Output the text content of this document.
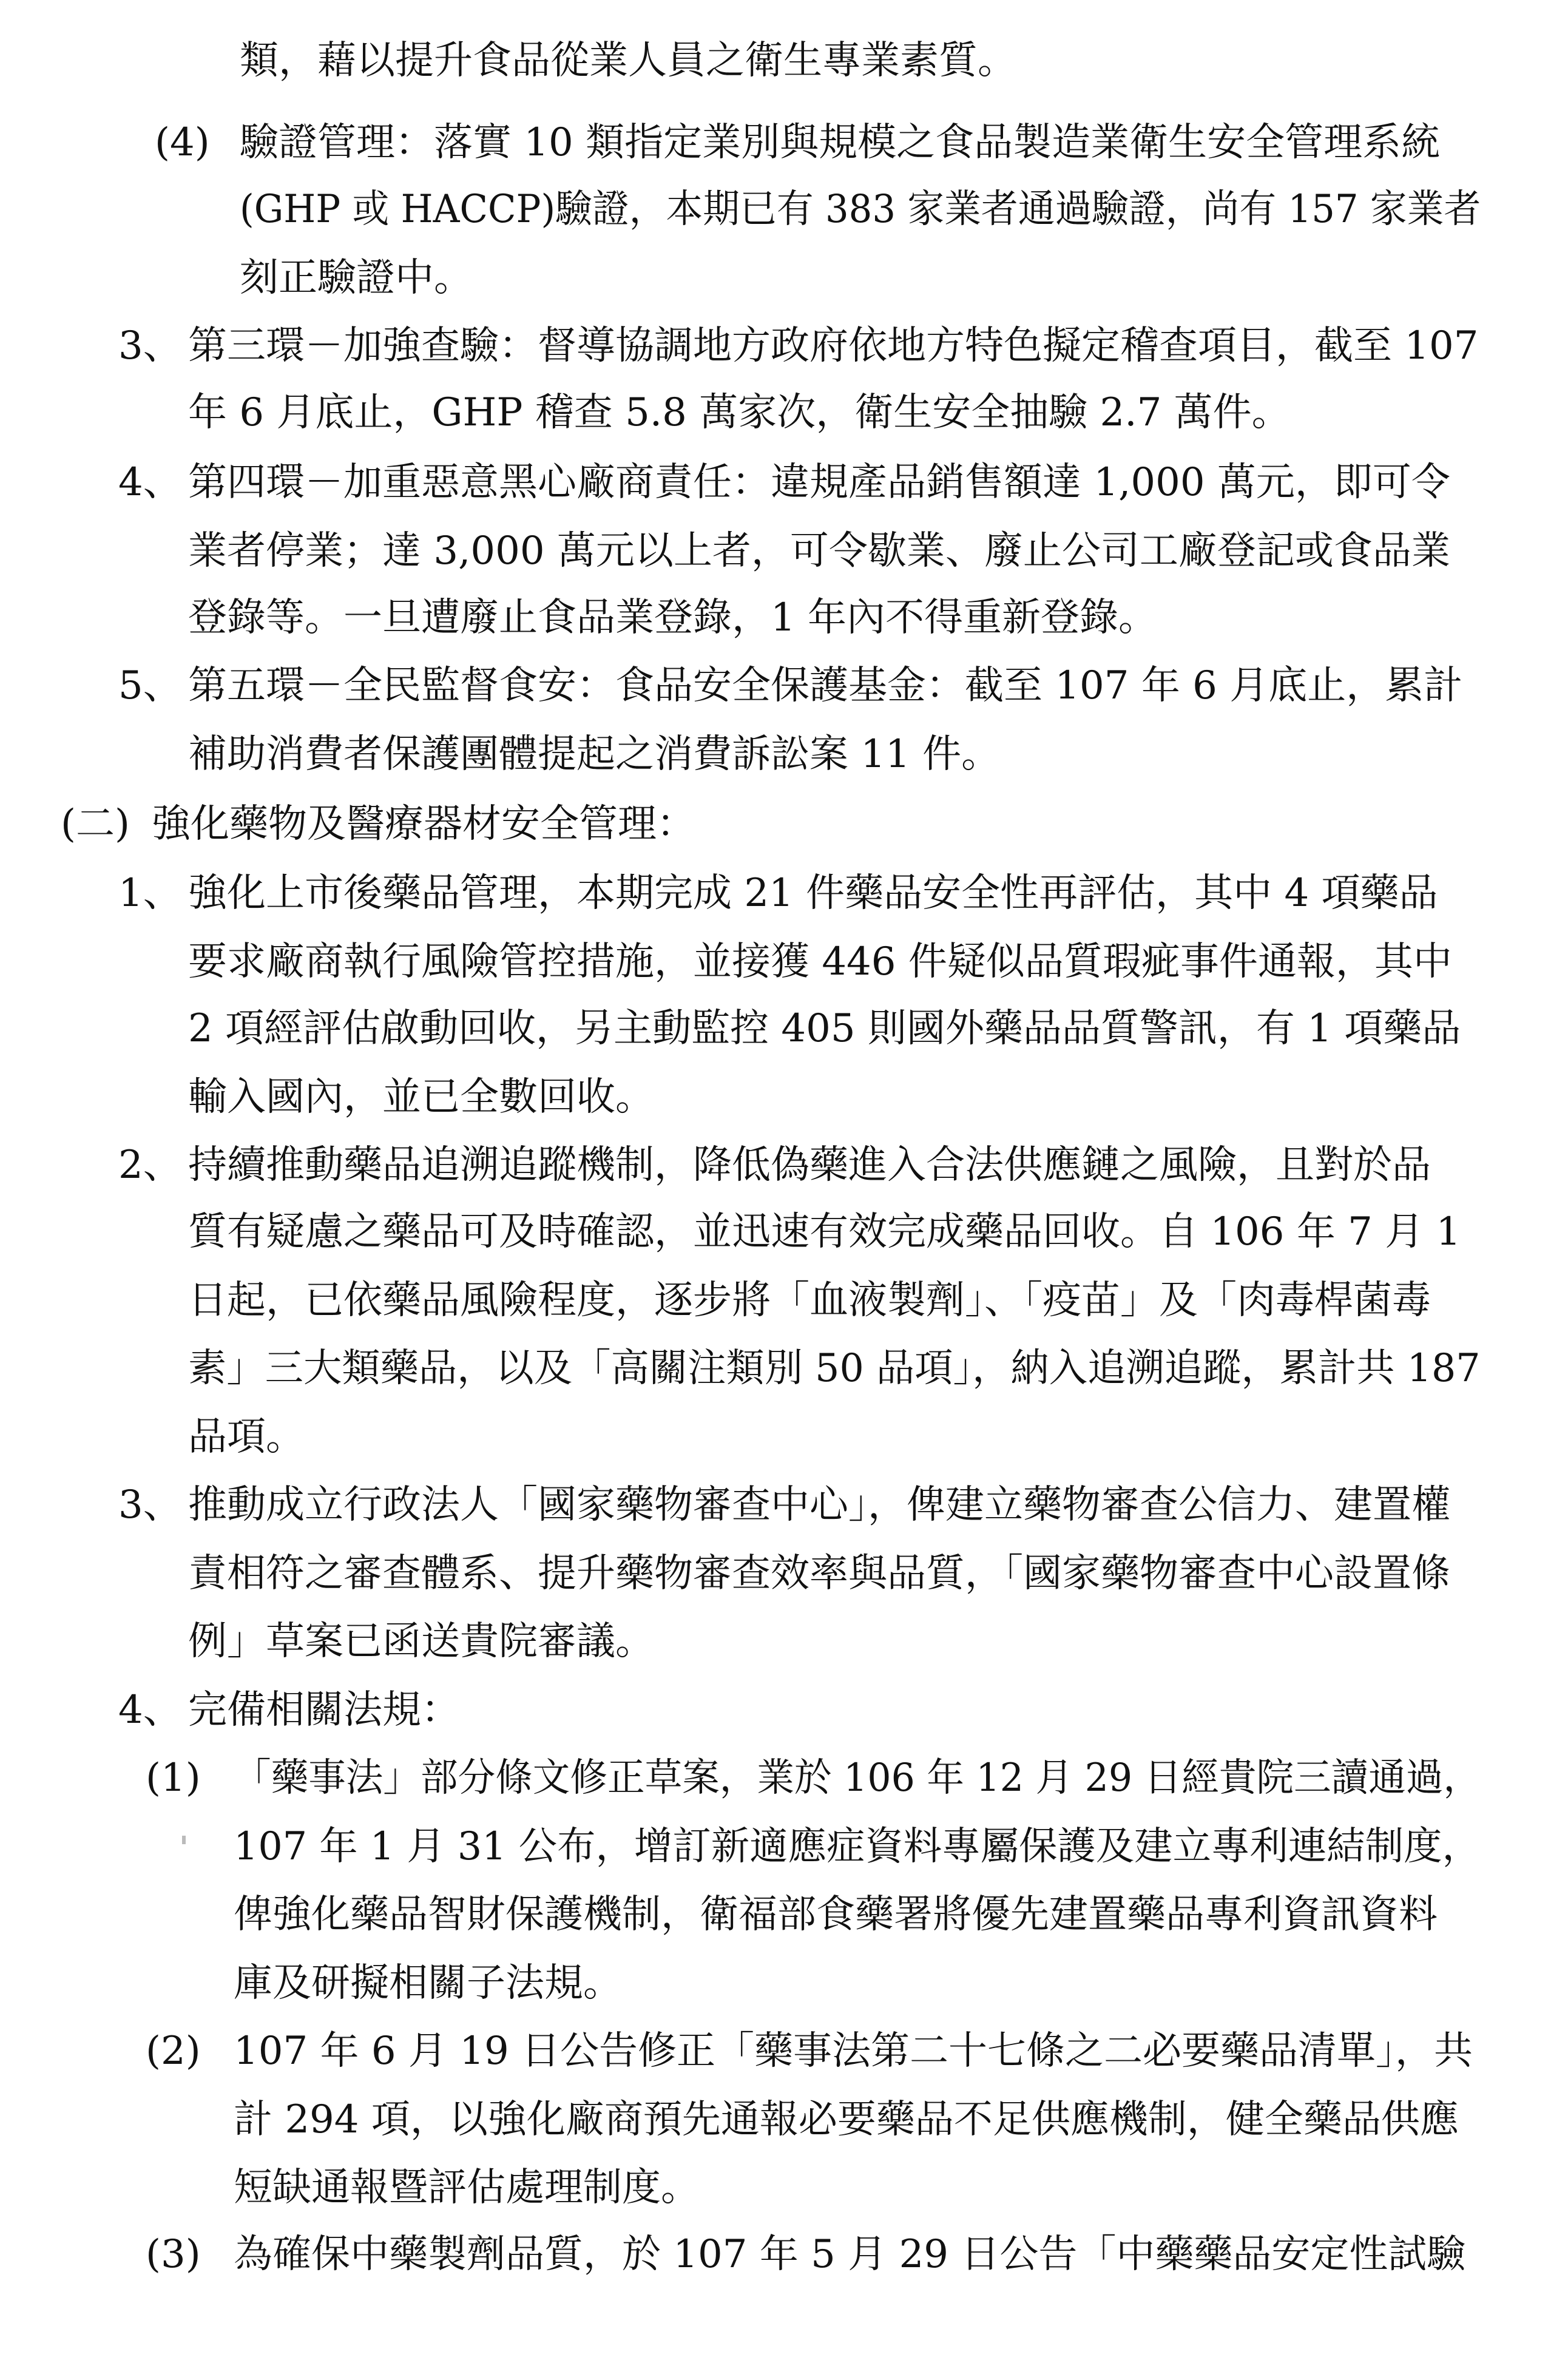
類，藉以提升食品從業人員之衛生專業素質。
(4) 驗證管理：落實 10 類指定業別與規模之食品製造業衛生安全管理系統
(GHP 或 HACCP)驗證，本期已有 383 家業者通過驗證，尚有 157 家業者
刻正驗證中。
3、 第三環－加強查驗：督導協調地方政府依地方特色擬定稽查項目，截至 107
年 6 月底止，GHP 稽查 5.8 萬家次，衛生安全抽驗 2.7 萬件。
4、 第四環－加重惡意黑心廠商責任：違規產品銷售額達 1,000 萬元，即可令
業者停業；達 3,000 萬元以上者，可令歇業、廢止公司工廠登記或食品業
登錄等。一旦遭廢止食品業登錄，1 年內不得重新登錄。
5、 第五環－全民監督食安：食品安全保護基金：截至 107 年 6 月底止，累計
補助消費者保護團體提起之消費訴訟案 11 件。
(二) 強化藥物及醫療器材安全管理：
1、 強化上市後藥品管理，本期完成 21 件藥品安全性再評估，其中 4 項藥品
要求廠商執行風險管控措施，並接獲 446 件疑似品質瑕疵事件通報，其中
2 項經評估啟動回收，另主動監控 405 則國外藥品品質警訊，有 1 項藥品
輸入國內，並已全數回收。
2、 持續推動藥品追溯追蹤機制，降低偽藥進入合法供應鏈之風險，且對於品
質有疑慮之藥品可及時確認，並迅速有效完成藥品回收。自 106 年 7 月 1
日起，已依藥品風險程度，逐步將「血液製劑」、「疫苗」及「肉毒桿菌毒
素」三大類藥品，以及「高關注類別 50 品項」，納入追溯追蹤，累計共 187
品項。
3、 推動成立行政法人「國家藥物審查中心」，俾建立藥物審查公信力、建置權
責相符之審查體系、提升藥物審查效率與品質，「國家藥物審查中心設置條
例」草案已函送貴院審議。
4、 完備相關法規：
(1) 「藥事法」部分條文修正草案，業於 106 年 12 月 29 日經貴院三讀通過，
107 年 1 月 31 公布，增訂新適應症資料專屬保護及建立專利連結制度，
俾強化藥品智財保護機制，衛福部食藥署將優先建置藥品專利資訊資料
庫及研擬相關子法規。
(2) 107 年 6 月 19 日公告修正「藥事法第二十七條之二必要藥品清單」，共
計 294 項，以強化廠商預先通報必要藥品不足供應機制，健全藥品供應
短缺通報暨評估處理制度。
(3) 為確保中藥製劑品質，於 107 年 5 月 29 日公告「中藥藥品安定性試驗
